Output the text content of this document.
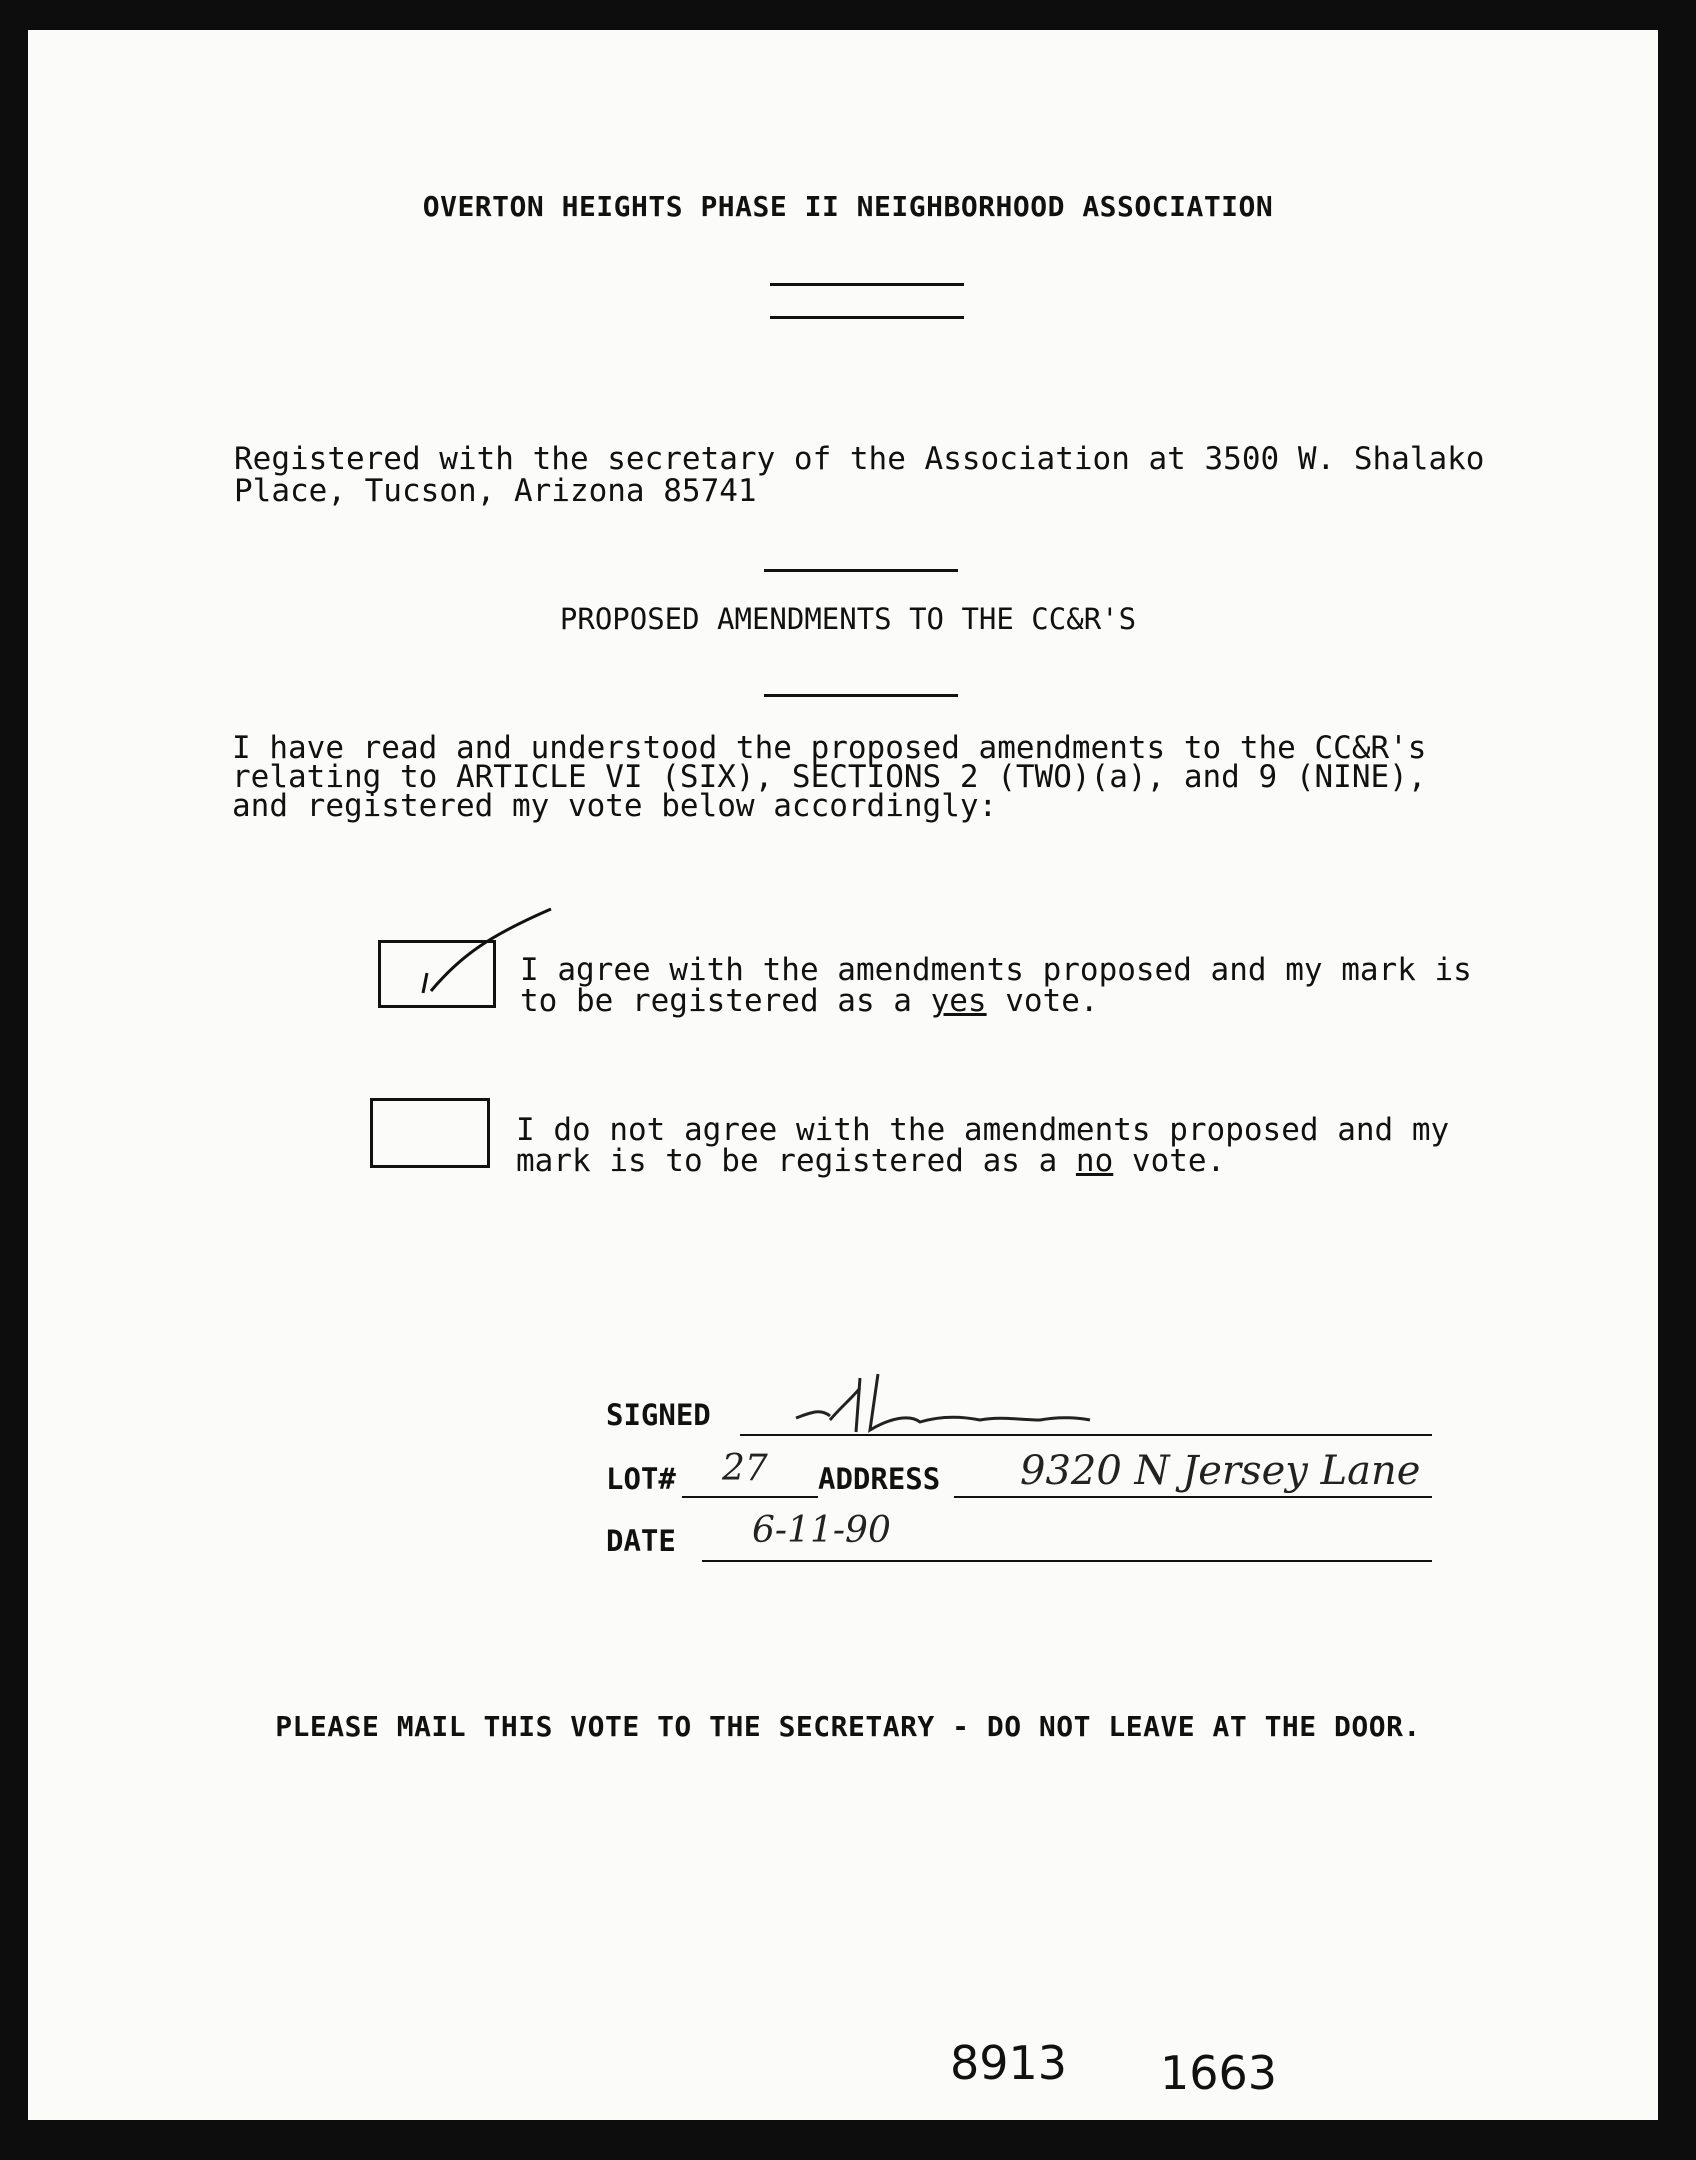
OVERTON HEIGHTS PHASE II NEIGHBORHOOD ASSOCIATION
Registered with the secretary of the Association at 3500 W. Shalako
Place, Tucson, Arizona 85741
PROPOSED AMENDMENTS TO THE CC&R'S
I have read and understood the proposed amendments to the CC&R's
relating to ARTICLE VI (SIX), SECTIONS 2 (TWO)(a), and 9 (NINE),
and registered my vote below accordingly:
I agree with the amendments proposed and my mark is
to be registered as a yes vote.
I do not agree with the amendments proposed and my
mark is to be registered as a no vote.
SIGNED
LOT# 27 ADDRESS 9320 N Jersey Lane
DATE 6-11-90
PLEASE MAIL THIS VOTE TO THE SECRETARY - DO NOT LEAVE AT THE DOOR.
8913 1663
